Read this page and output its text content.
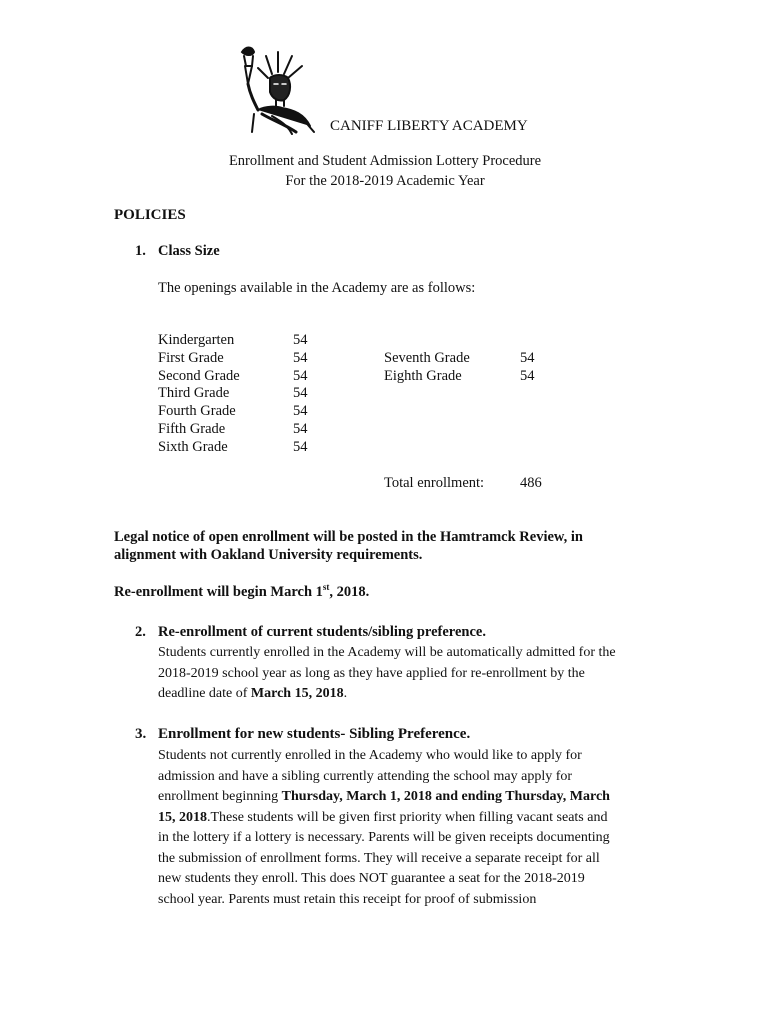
CANIFF LIBERTY ACADEMY

Enrollment and Student Admission Lottery Procedure

For the 2018-2019 Academic Year

POLICIES

1. Class Size

The openings available in the Academy are as follows:

Kindergarten
First Grade
Second Grade
Third Grade
Fourth Grade
Fifth Grade
Sixth Grade
54
54
54
54
54
54
54
Seventh Grade
Eighth Grade
54
54

Total enrollment: 486

Legal notice of open enrollment will be posted in the Hamtramck Review, in

alignment with Oakland University requirements.

Re-enrollment will begin March 1st, 2018.

2. Re-enrollment of current students/sibling preference.

Students currently enrolled in the Academy will be automatically admitted for the
2018-2019 school year as long as they have applied for re-enrollment by the
deadline date of March 15, 2018.

3. Enrollment for new students- Sibling Preference.

Students not currently enrolled in the Academy who would like to apply for
admission and have a sibling currently attending the school may apply for
enrollment beginning Thursday, March 1, 2018 and ending Thursday, March
15, 2018.These students will be given first priority when filling vacant seats and
in the lottery if a lottery is necessary. Parents will be given receipts documenting
the submission of enrollment forms. They will receive a separate receipt for all
new students they enroll. This does NOT guarantee a seat for the 2018-2019
school year. Parents must retain this receipt for proof of submission
